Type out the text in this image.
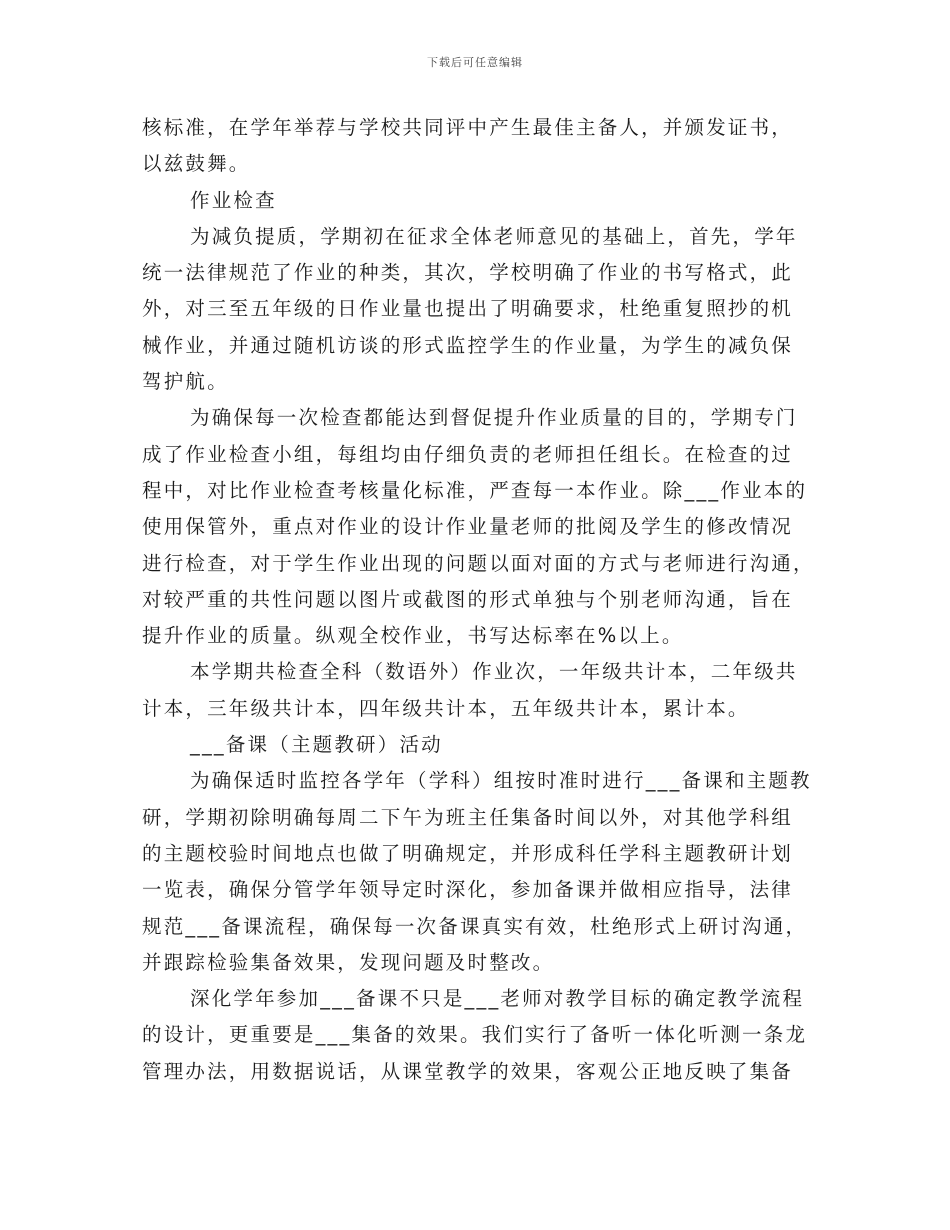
下载后可任意编辑
核标准，在学年举荐与学校共同评中产生最佳主备人，并颁发证书，
以兹鼓舞。
作业检查
为减负提质，学期初在征求全体老师意见的基础上，首先，学年
统一法律规范了作业的种类，其次，学校明确了作业的书写格式，此
外，对三至五年级的日作业量也提出了明确要求，杜绝重复照抄的机
械作业，并通过随机访谈的形式监控学生的作业量，为学生的减负保
驾护航。
为确保每一次检查都能达到督促提升作业质量的目的，学期专门
成了作业检查小组，每组均由仔细负责的老师担任组长。在检查的过
程中，对比作业检查考核量化标准，严查每一本作业。除___作业本的
使用保管外，重点对作业的设计作业量老师的批阅及学生的修改情况
进行检查，对于学生作业出现的问题以面对面的方式与老师进行沟通，
对较严重的共性问题以图片或截图的形式单独与个别老师沟通，旨在
提升作业的质量。纵观全校作业，书写达标率在%以上。
本学期共检查全科（数语外）作业次，一年级共计本，二年级共
计本，三年级共计本，四年级共计本，五年级共计本，累计本。
___备课（主题教研）活动
为确保适时监控各学年（学科）组按时准时进行___备课和主题教
研，学期初除明确每周二下午为班主任集备时间以外，对其他学科组
的主题校验时间地点也做了明确规定，并形成科任学科主题教研计划
一览表，确保分管学年领导定时深化，参加备课并做相应指导，法律
规范___备课流程，确保每一次备课真实有效，杜绝形式上研讨沟通，
并跟踪检验集备效果，发现问题及时整改。
深化学年参加___备课不只是___老师对教学目标的确定教学流程
的设计，更重要是___集备的效果。我们实行了备听一体化听测一条龙
管理办法，用数据说话，从课堂教学的效果，客观公正地反映了集备
